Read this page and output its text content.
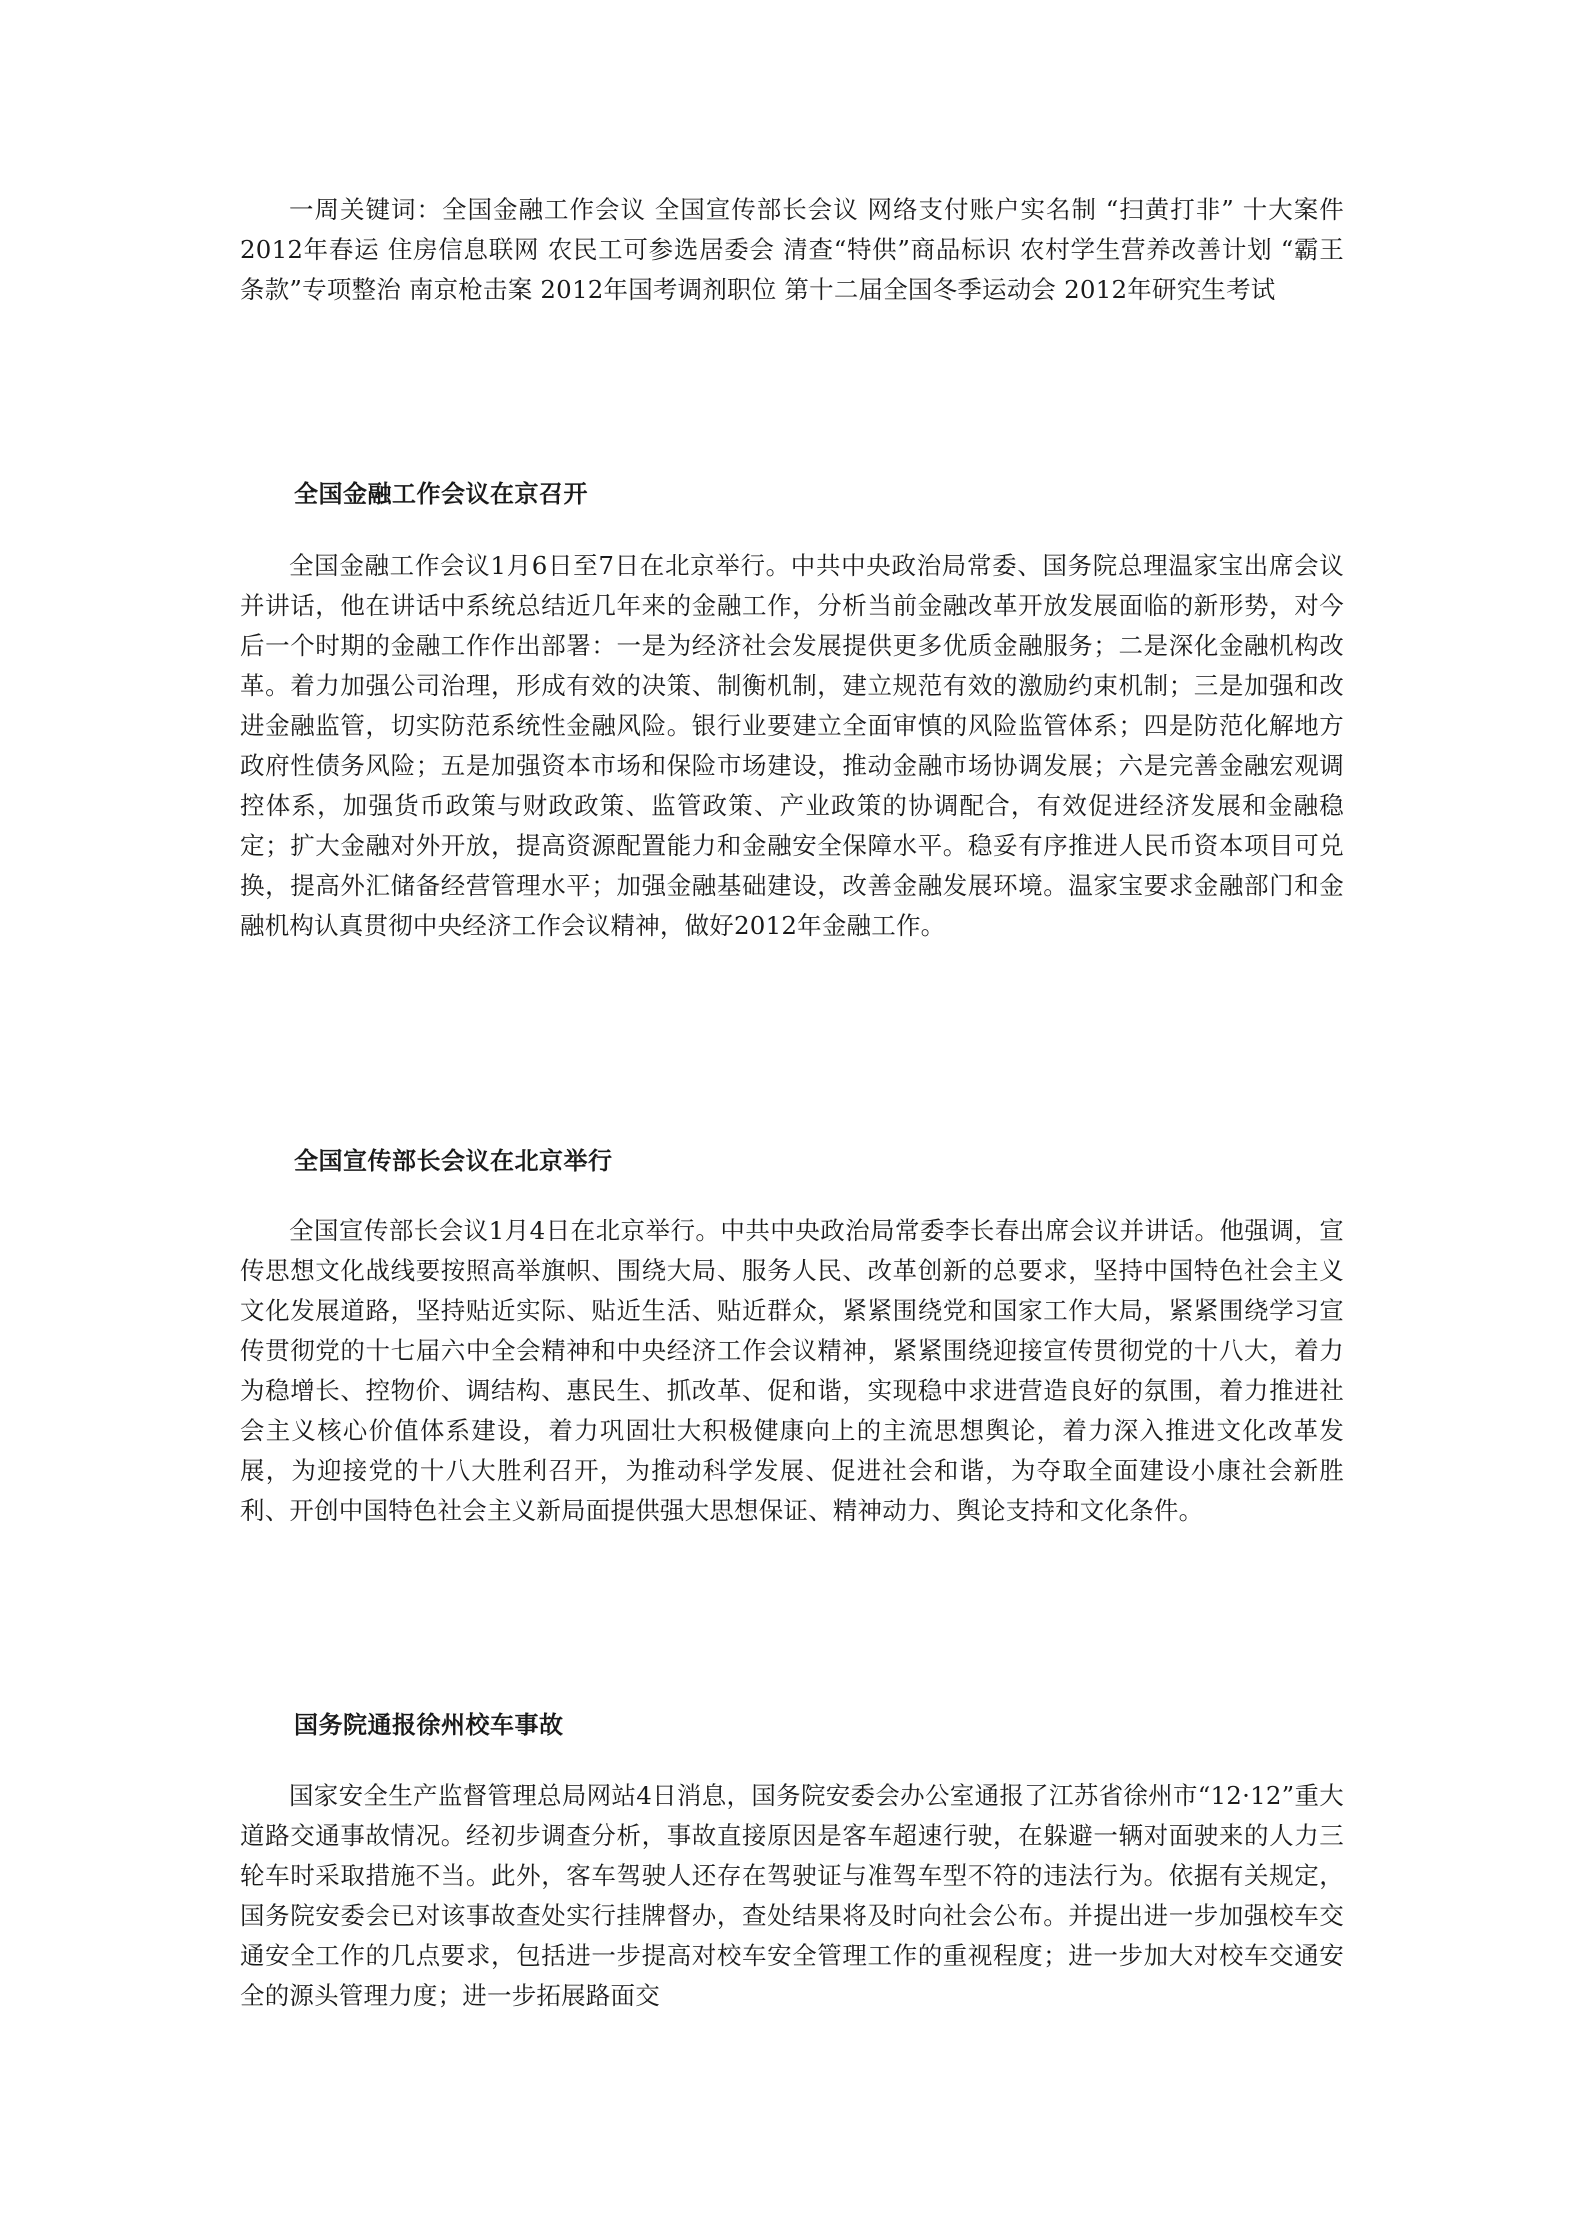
一周关键词：全国金融工作会议 全国宣传部长会议 网络支付账户实名制 “扫黄打非” 十大案件 2012年春运 住房信息联网 农民工可参选居委会 清查“特供”商品标识 农村学生营养改善计划 “霸王条款”专项整治 南京枪击案 2012年国考调剂职位 第十二届全国冬季运动会 2012年研究生考试

全国金融工作会议在京召开

全国金融工作会议1月6日至7日在北京举行。中共中央政治局常委、国务院总理温家宝出席会议并讲话，他在讲话中系统总结近几年来的金融工作，分析当前金融改革开放发展面临的新形势，对今后一个时期的金融工作作出部署：一是为经济社会发展提供更多优质金融服务；二是深化金融机构改革。着力加强公司治理，形成有效的决策、制衡机制，建立规范有效的激励约束机制；三是加强和改进金融监管，切实防范系统性金融风险。银行业要建立全面审慎的风险监管体系；四是防范化解地方政府性债务风险；五是加强资本市场和保险市场建设，推动金融市场协调发展；六是完善金融宏观调控体系，加强货币政策与财政政策、监管政策、产业政策的协调配合，有效促进经济发展和金融稳定；扩大金融对外开放，提高资源配置能力和金融安全保障水平。稳妥有序推进人民币资本项目可兑换，提高外汇储备经营管理水平；加强金融基础建设，改善金融发展环境。温家宝要求金融部门和金融机构认真贯彻中央经济工作会议精神，做好2012年金融工作。

全国宣传部长会议在北京举行

全国宣传部长会议1月4日在北京举行。中共中央政治局常委李长春出席会议并讲话。他强调，宣传思想文化战线要按照高举旗帜、围绕大局、服务人民、改革创新的总要求，坚持中国特色社会主义文化发展道路，坚持贴近实际、贴近生活、贴近群众，紧紧围绕党和国家工作大局，紧紧围绕学习宣传贯彻党的十七届六中全会精神和中央经济工作会议精神，紧紧围绕迎接宣传贯彻党的十八大，着力为稳增长、控物价、调结构、惠民生、抓改革、促和谐，实现稳中求进营造良好的氛围，着力推进社会主义核心价值体系建设，着力巩固壮大积极健康向上的主流思想舆论，着力深入推进文化改革发展，为迎接党的十八大胜利召开，为推动科学发展、促进社会和谐，为夺取全面建设小康社会新胜利、开创中国特色社会主义新局面提供强大思想保证、精神动力、舆论支持和文化条件。

国务院通报徐州校车事故

国家安全生产监督管理总局网站4日消息，国务院安委会办公室通报了江苏省徐州市“12·12”重大道路交通事故情况。经初步调查分析，事故直接原因是客车超速行驶，在躲避一辆对面驶来的人力三轮车时采取措施不当。此外，客车驾驶人还存在驾驶证与准驾车型不符的违法行为。依据有关规定，国务院安委会已对该事故查处实行挂牌督办，查处结果将及时向社会公布。并提出进一步加强校车交通安全工作的几点要求，包括进一步提高对校车安全管理工作的重视程度；进一步加大对校车交通安全的源头管理力度；进一步拓展路面交
